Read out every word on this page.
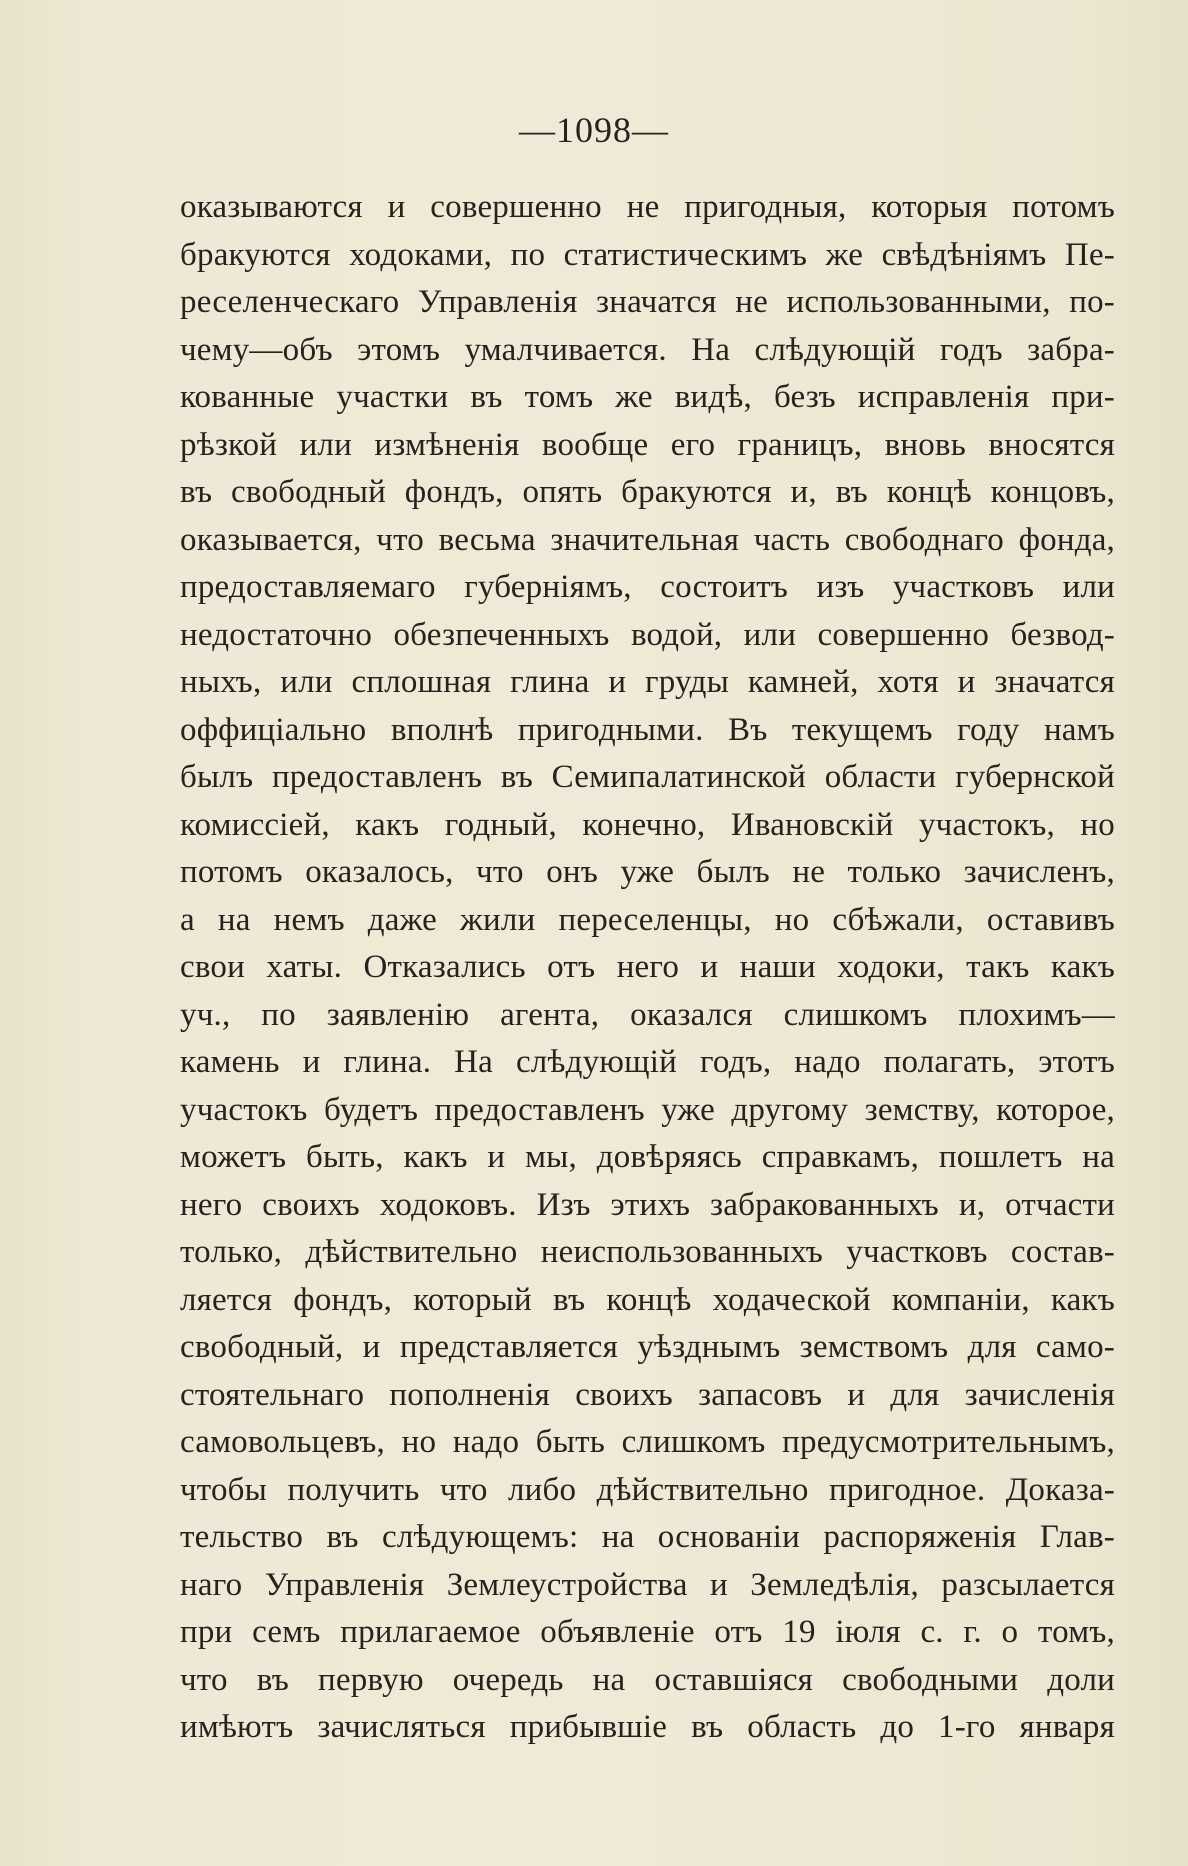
—1098—
оказываются и совершенно не пригодныя, которыя потомъ
бракуются ходоками, по статистическимъ же свѣдѣніямъ Пе-
реселенческаго Управленія значатся не использованными, по-
чему—объ этомъ умалчивается. На слѣдующій годъ забра-
кованные участки въ томъ же видѣ, безъ исправленія при-
рѣзкой или измѣненія вообще его границъ, вновь вносятся
въ свободный фондъ, опять бракуются и, въ концѣ концовъ,
оказывается, что весьма значительная часть свободнаго фонда,
предоставляемаго губерніямъ, состоитъ изъ участковъ или
недостаточно обезпеченныхъ водой, или совершенно безвод-
ныхъ, или сплошная глина и груды камней, хотя и значатся
оффиціально вполнѣ пригодными. Въ текущемъ году намъ
былъ предоставленъ въ Семипалатинской области губернской
комиссіей, какъ годный, конечно, Ивановскій участокъ, но
потомъ оказалось, что онъ уже былъ не только зачисленъ,
а на немъ даже жили переселенцы, но сбѣжали, оставивъ
свои хаты. Отказались отъ него и наши ходоки, такъ какъ
уч., по заявленію агента, оказался слишкомъ плохимъ—
камень и глина. На слѣдующій годъ, надо полагать, этотъ
участокъ будетъ предоставленъ уже другому земству, которое,
можетъ быть, какъ и мы, довѣряясь справкамъ, пошлетъ на
него своихъ ходоковъ. Изъ этихъ забракованныхъ и, отчасти
только, дѣйствительно неиспользованныхъ участковъ состав-
ляется фондъ, который въ концѣ ходаческой компаніи, какъ
свободный, и представляется уѣзднымъ земствомъ для само-
стоятельнаго пополненія своихъ запасовъ и для зачисленія
самовольцевъ, но надо быть слишкомъ предусмотрительнымъ,
чтобы получить что либо дѣйствительно пригодное. Доказа-
тельство въ слѣдующемъ: на основаніи распоряженія Глав-
наго Управленія Землеустройства и Земледѣлія, разсылается
при семъ прилагаемое объявленіе отъ 19 іюля с. г. о томъ,
что въ первую очередь на оставшіяся свободными доли
имѣютъ зачисляться прибывшіе въ область до 1-го января
